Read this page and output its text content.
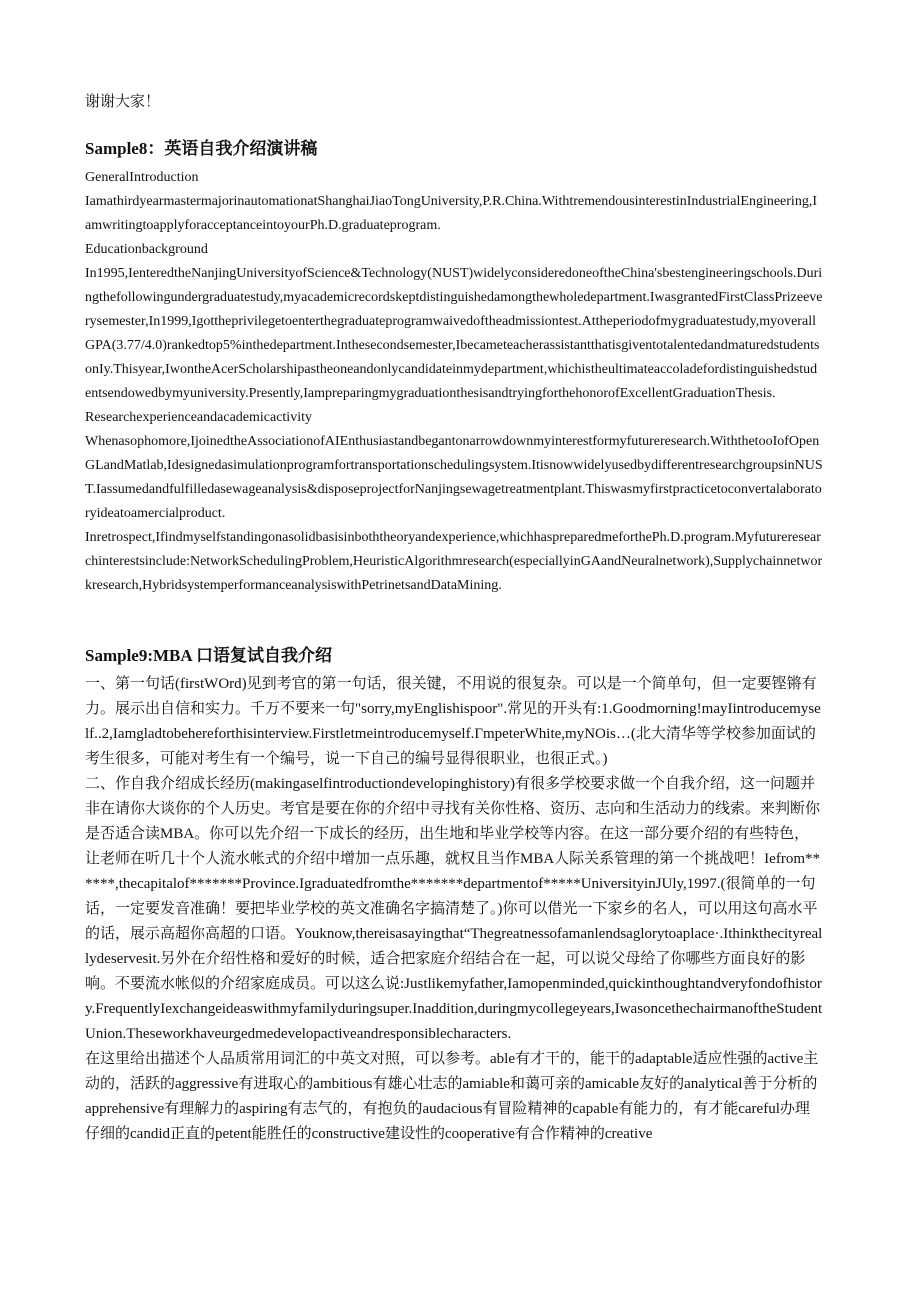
谢谢大家！

Sample8：英语自我介绍演讲稿

GeneralIntroduction

IamathirdyearmastermajorinautomationatShanghaiJiaoTongUniversity,P.R.China.WithtremendousinterestinIndustrialEngineering,IamwritingtoapplyforacceptanceintoyourPh.D.graduateprogram.

Educationbackground

In1995,IenteredtheNanjingUniversityofScience&Technology(NUST)widelyconsideredoneoftheChina'sbestengineeringschools.Duringthefollowingundergraduatestudy,myacademicrecordskeptdistinguishedamongthewholedepartment.IwasgrantedFirstClassPrizeeverysemester,In1999,Igottheprivilegetoenterthegraduateprogramwaivedoftheadmissiontest.Attheperiodofmygraduatestudy,myoverallGPA(3.77/4.0)rankedtop5%inthedepartment.Inthesecondsemester,IbecameteacherassistantthatisgiventotalentedandmaturedstudentsonIy.Thisyear,IwontheAcerScholarshipastheoneandonlycandidateinmydepartment,whichistheultimateaccoladefordistinguishedstudentsendowedbymyuniversity.Presently,IampreparingmygraduationthesisandtryingforthehonorofExcellentGraduationThesis.

Researchexperienceandacademicactivity

Whenasophomore,IjoinedtheAssociationofAIEnthusiastandbegantonarrowdownmyinterestformyfutureresearch.WiththetooIofOpenGLandMatlab,Idesignedasimulationprogramfortransportationschedulingsystem.ItisnowwidelyusedbydifferentresearchgroupsinNUST.Iassumedandfulfilledasewageanalysis&disposeprojectforNanjingsewagetreatmentplant.Thiswasmyfirstpracticetoconvertalaboratoryideatoamercialproduct.

Inretrospect,Ifindmyselfstandingonasolidbasisinboththeoryandexperience,whichhaspreparedmeforthePh.D.program.Myfutureresearchinterestsinclude:NetworkSchedulingProblem,HeuristicAlgorithmresearch(especiallyinGAandNeuralnetwork),Supplychainnetworkresearch,HybridsystemperformanceanalysiswithPetrinetsandDataMining.

Sample9:MBA 口语复试自我介绍

一、第一句话(firstWOrd)见到考官的第一句话，很关键，不用说的很复杂。可以是一个简单句，但一定要铿锵有力。展示出自信和实力。千万不要来一句"sorry,myEnglishispoor".常见的开头有:1.Goodmorning!mayIintroducemyself..2,Iamgladtobehereforthisinterview.Firstletmeintroducemyself.ΓmpeterWhite,myNOis…(北大清华等学校参加面试的考生很多，可能对考生有一个编号，说一下自己的编号显得很职业，也很正式。)

二、作自我介绍成长经历(makingaselfintroductiondevelopinghistory)有很多学校要求做一个自我介绍，这一问题并非在请你大谈你的个人历史。考官是要在你的介绍中寻找有关你性格、资历、志向和生活动力的线索。来判断你是否适合读MBA。你可以先介绍一下成长的经历，出生地和毕业学校等内容。在这一部分要介绍的有些特色，让老师在听几十个人流水帐式的介绍中增加一点乐趣，就权且当作MBA人际关系管理的第一个挑战吧！Iefrom******,thecapitalof*******Province.Igraduatedfromthe*******departmentof*****UniversityinJUly,1997.(很简单的一句话，一定要发音准确！要把毕业学校的英文准确名字搞清楚了。)你可以借光一下家乡的名人，可以用这句高水平的话，展示高超你高超的口语。Youknow,thereisasayingthat“Thegreatnessofamanlendsaglorytoaplace·.Ithinkthecityreallydeservesit.另外在介绍性格和爱好的时候，适合把家庭介绍结合在一起，可以说父母给了你哪些方面良好的影响。不要流水帐似的介绍家庭成员。可以这么说:Justlikemyfather,Iamopenminded,quickinthoughtandveryfondofhistory.FrequentlyIexchangeideaswithmyfamilyduringsuper.Inaddition,duringmycollegeyears,IwasoncethechairmanoftheStudentUnion.Theseworkhaveurgedmedevelopactiveandresponsiblecharacters.

在这里给出描述个人品质常用词汇的中英文对照，可以参考。able有才干的，能干的adaptable适应性强的active主动的，活跃的aggressive有进取心的ambitious有雄心壮志的amiable和蔼可亲的amicable友好的analytical善于分析的apprehensive有理解力的aspiring有志气的，有抱负的audacious有冒险精神的capable有能力的，有才能careful办理仔细的candid正直的petent能胜任的constructive建设性的cooperative有合作精神的creative
